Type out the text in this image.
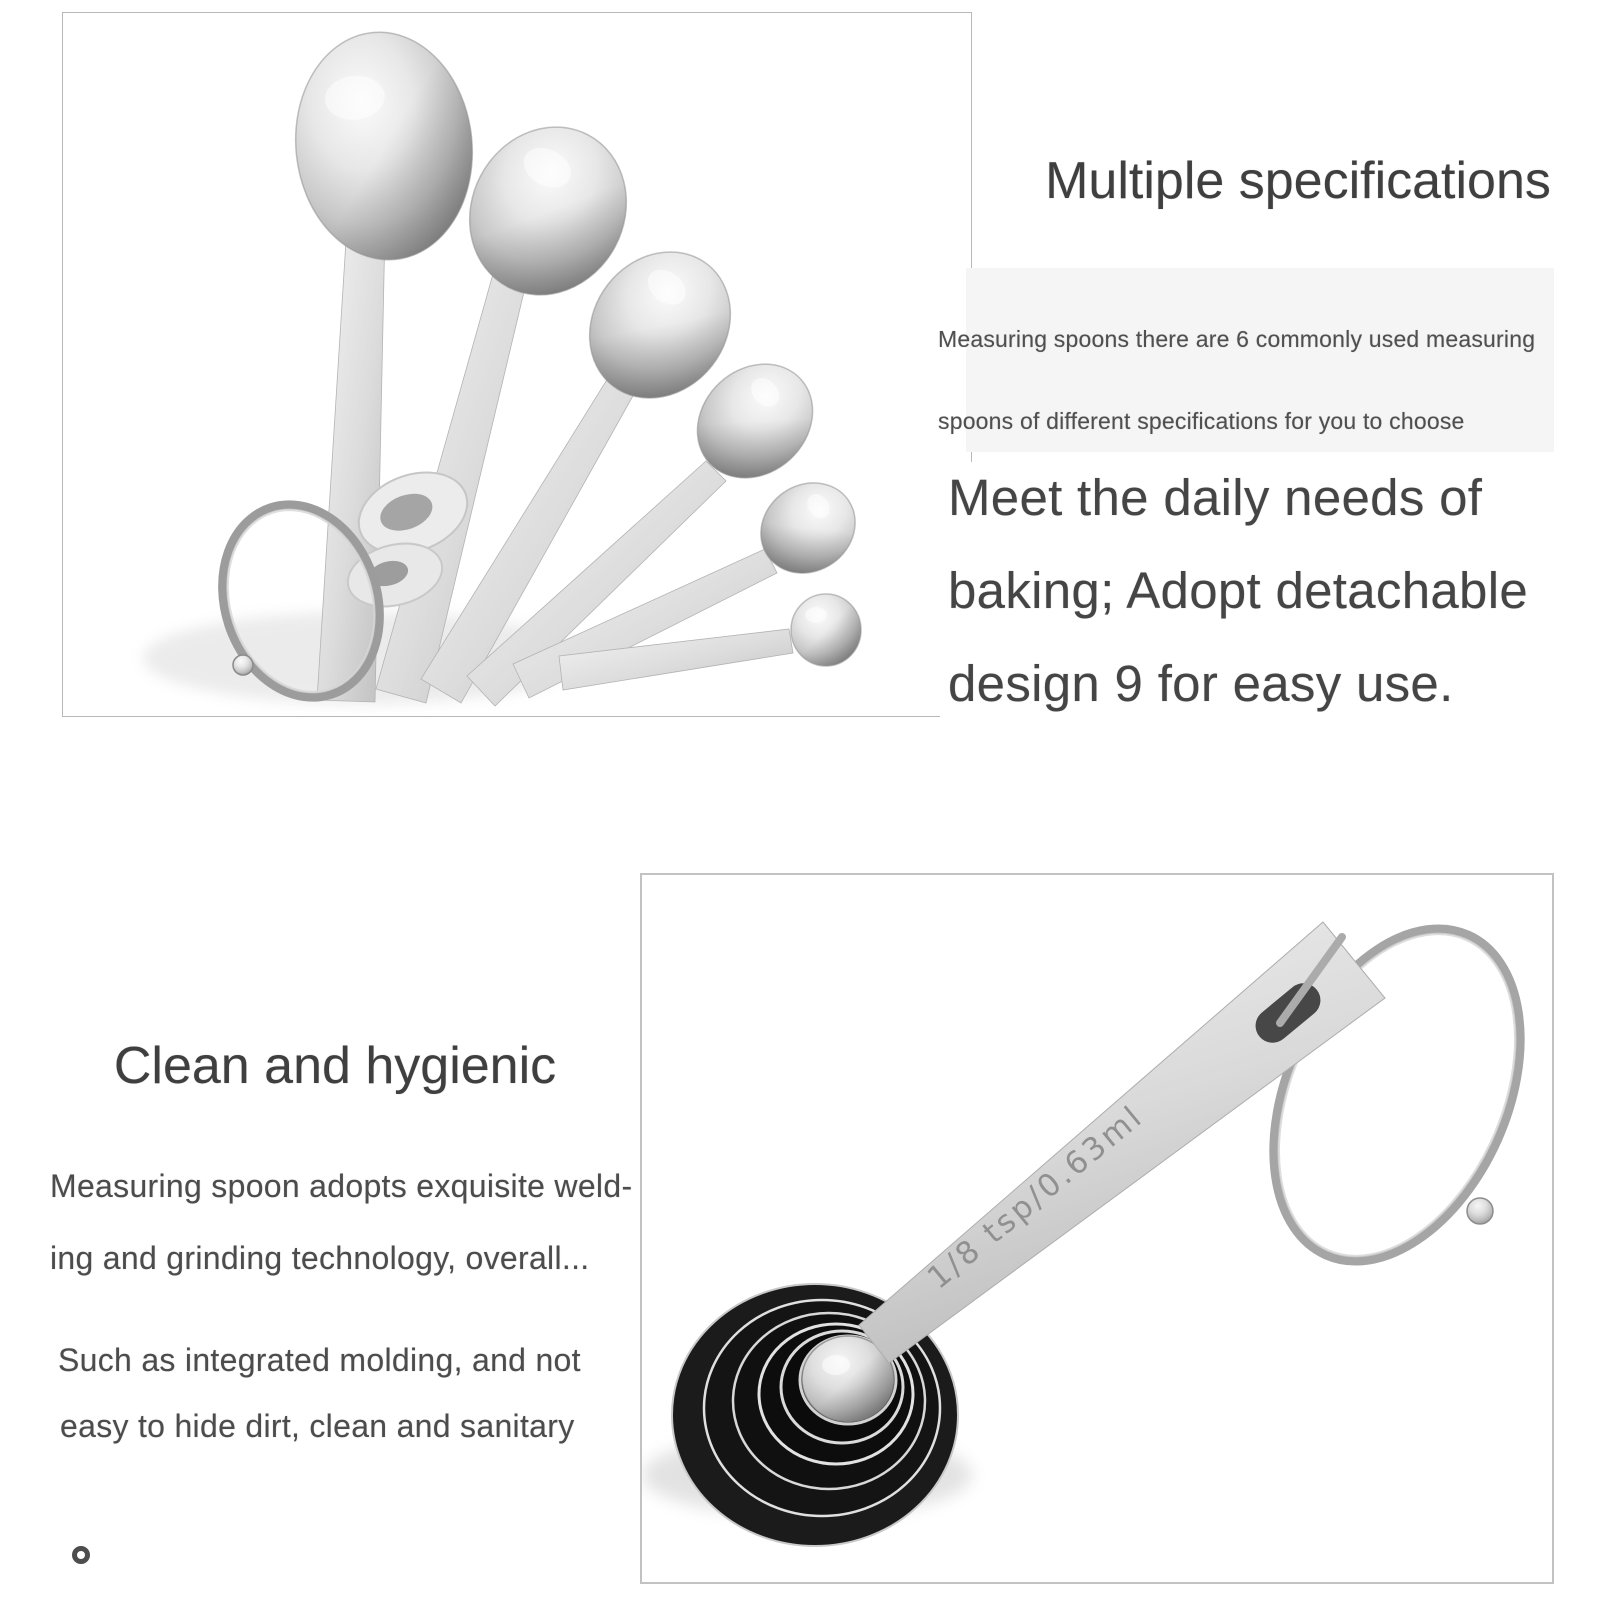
Multiple specifications
Measuring spoons there are 6 commonly used measuring
spoons of different specifications for you to choose
Meet the daily needs of
baking; Adopt detachable
design 9 for easy use.
Clean and hygienic
Measuring spoon adopts exquisite weld-
ing and grinding technology, overall...
Such as integrated molding, and not
easy to hide dirt, clean and sanitary
1/8 tsp/0.63ml
